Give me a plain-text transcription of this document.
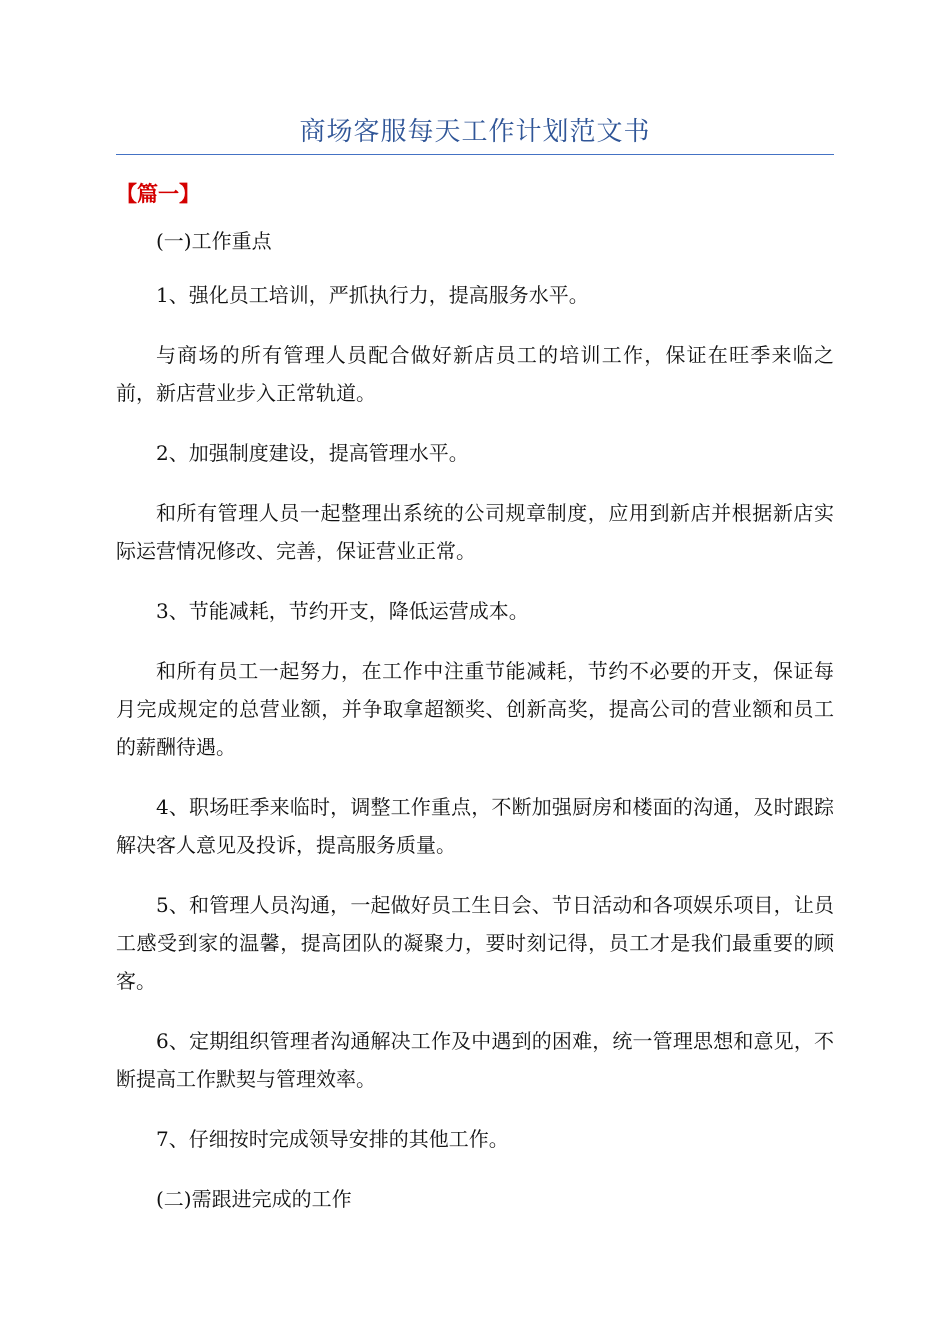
商场客服每天工作计划范文书
【篇一】

(一)工作重点

1、强化员工培训，严抓执行力，提高服务水平。

与商场的所有管理人员配合做好新店员工的培训工作，保证在旺季来临之前，新店营业步入正常轨道。

2、加强制度建设，提高管理水平。

和所有管理人员一起整理出系统的公司规章制度，应用到新店并根据新店实际运营情况修改、完善，保证营业正常。

3、节能减耗，节约开支，降低运营成本。

和所有员工一起努力，在工作中注重节能减耗，节约不必要的开支，保证每月完成规定的总营业额，并争取拿超额奖、创新高奖，提高公司的营业额和员工的薪酬待遇。

4、职场旺季来临时，调整工作重点，不断加强厨房和楼面的沟通，及时跟踪解决客人意见及投诉，提高服务质量。

5、和管理人员沟通，一起做好员工生日会、节日活动和各项娱乐项目，让员工感受到家的温馨，提高团队的凝聚力，要时刻记得，员工才是我们最重要的顾客。

6、定期组织管理者沟通解决工作及中遇到的困难，统一管理思想和意见，不断提高工作默契与管理效率。

7、仔细按时完成领导安排的其他工作。

(二)需跟进完成的工作
